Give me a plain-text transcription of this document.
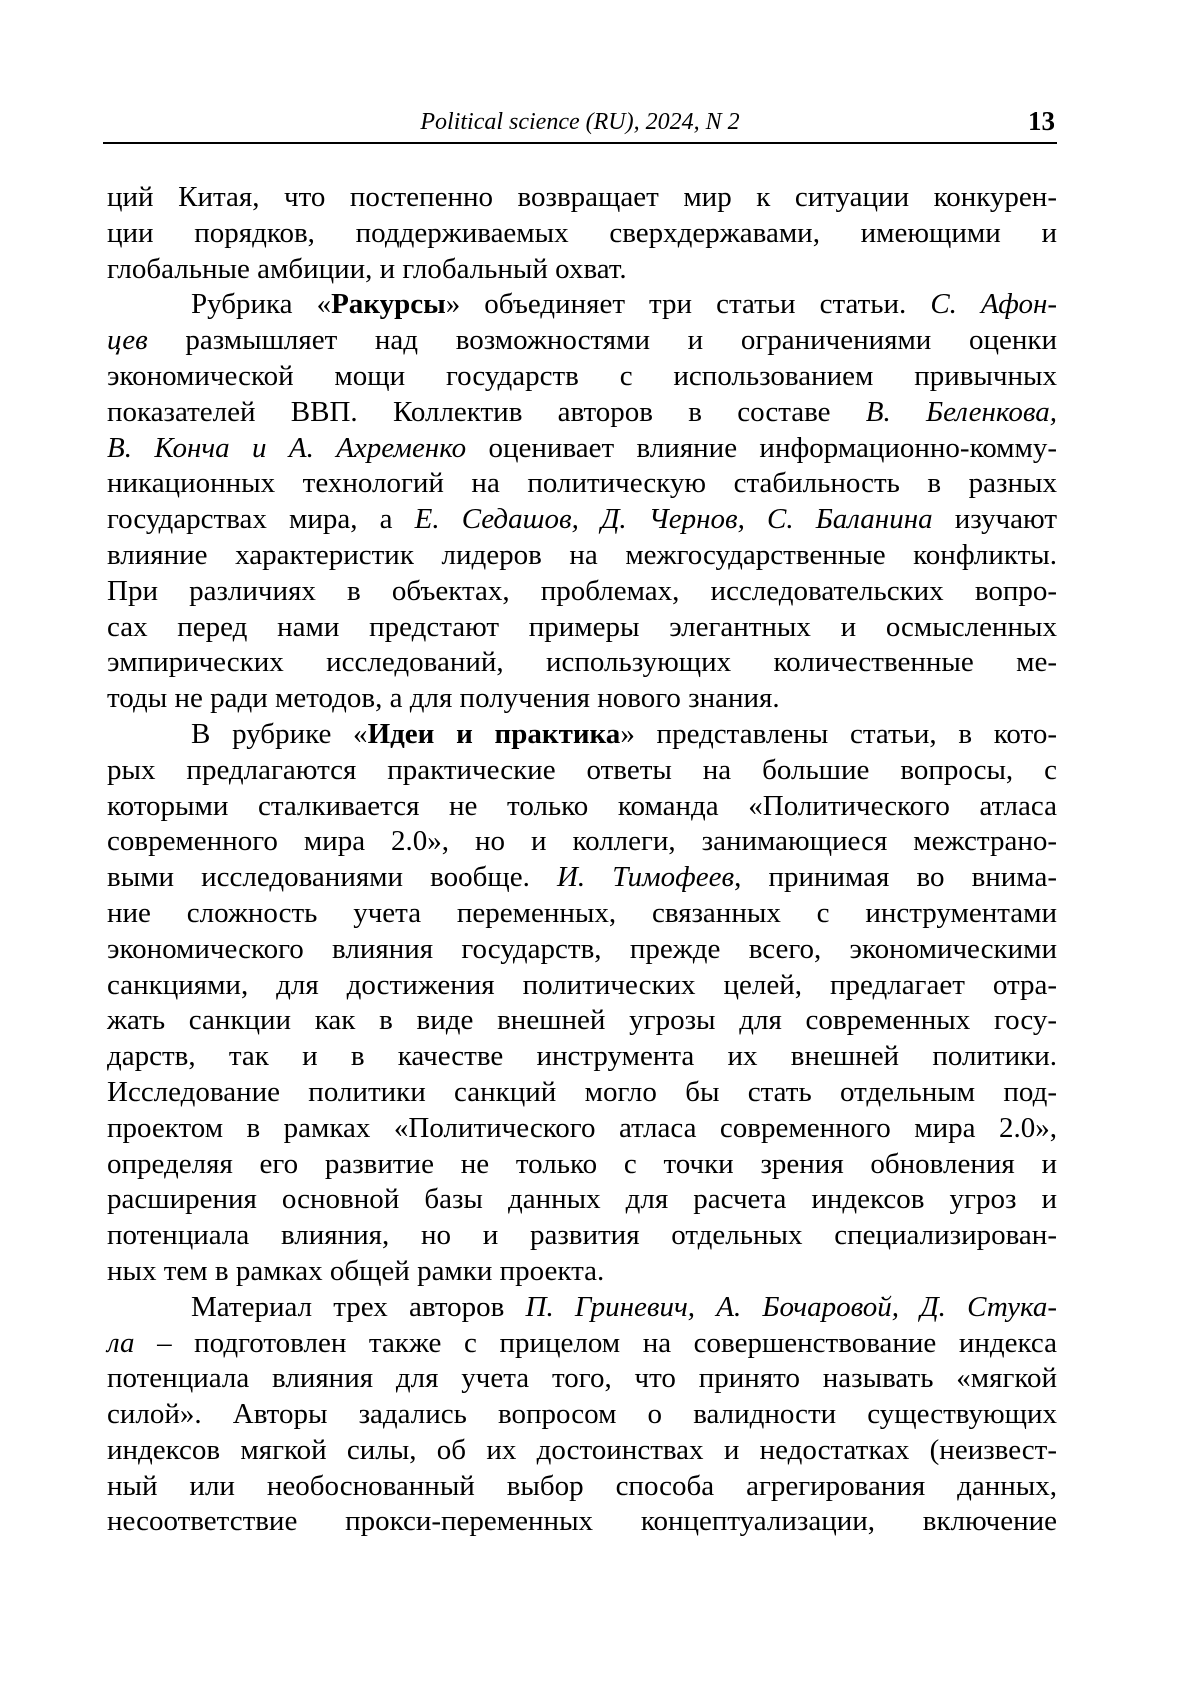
Political science (RU), 2024, N 2	13
ций Китая, что постепенно возвращает мир к ситуации конкурен-
ции порядков, поддерживаемых сверхдержавами, имеющими и
глобальные амбиции, и глобальный охват.
Рубрика «Ракурсы» объединяет три статьи статьи. С. Афон-
цев размышляет над возможностями и ограничениями оценки
экономической мощи государств с использованием привычных
показателей ВВП. Коллектив авторов в составе В. Беленкова,
В. Конча и А. Ахременко оценивает влияние информационно-комму-
никационных технологий на политическую стабильность в разных
государствах мира, а Е. Седашов, Д. Чернов, С. Баланина изучают
влияние характеристик лидеров на межгосударственные конфликты.
При различиях в объектах, проблемах, исследовательских вопро-
сах перед нами предстают примеры элегантных и осмысленных
эмпирических исследований, использующих количественные ме-
тоды не ради методов, а для получения нового знания.
В рубрике «Идеи и практика» представлены статьи, в кото-
рых предлагаются практические ответы на большие вопросы, с
которыми сталкивается не только команда «Политического атласа
современного мира 2.0», но и коллеги, занимающиеся межстрано-
выми исследованиями вообще. И. Тимофеев, принимая во внима-
ние сложность учета переменных, связанных с инструментами
экономического влияния государств, прежде всего, экономическими
санкциями, для достижения политических целей, предлагает отра-
жать санкции как в виде внешней угрозы для современных госу-
дарств, так и в качестве инструмента их внешней политики.
Исследование политики санкций могло бы стать отдельным под-
проектом в рамках «Политического атласа современного мира 2.0»,
определяя его развитие не только с точки зрения обновления и
расширения основной базы данных для расчета индексов угроз и
потенциала влияния, но и развития отдельных специализирован-
ных тем в рамках общей рамки проекта.
Материал трех авторов П. Гриневич, А. Бочаровой, Д. Стука-
ла – подготовлен также с прицелом на совершенствование индекса
потенциала влияния для учета того, что принято называть «мягкой
силой». Авторы задались вопросом о валидности существующих
индексов мягкой силы, об их достоинствах и недостатках (неизвест-
ный или необоснованный выбор способа агрегирования данных,
несоответствие прокси-переменных концептуализации, включение
